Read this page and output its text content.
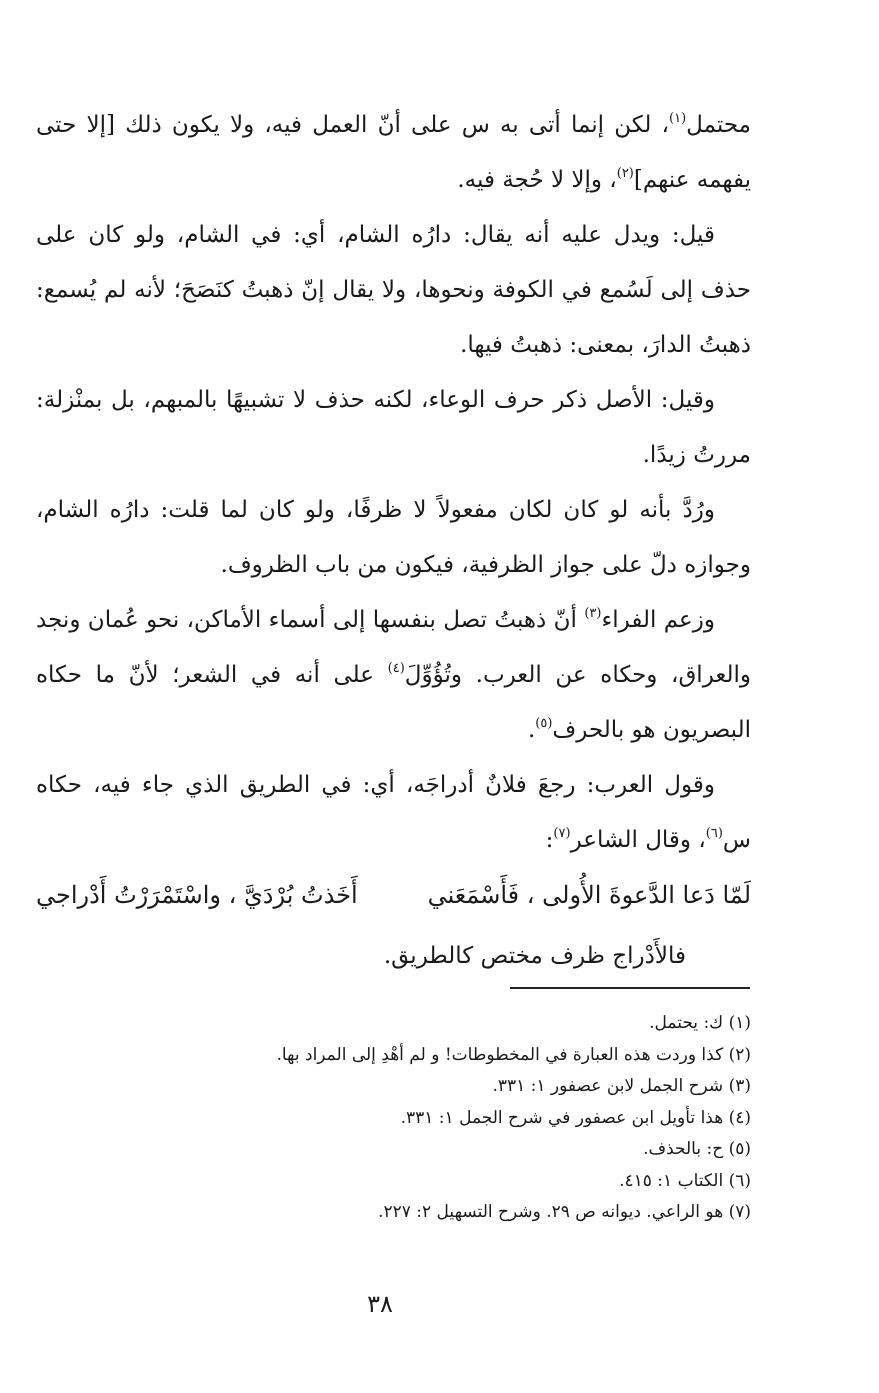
محتمل$^{(١)}$، لكن إنما أتى به س على أنّ العمل فيه، ولا يكون ذلك [إلا حتى يفهمه عنهم]$^{(٢)}$، وإلا لا حُجة فيه.

قيل: ويدل عليه أنه يقال: دارُه الشام، أي: في الشام، ولو كان على حذف إلى لَسُمع في الكوفة ونحوها، ولا يقال إنّ ذهبتُ كنَصَحَ؛ لأنه لم يُسمع: ذهبتُ الدارَ، بمعنى: ذهبتُ فيها.

وقيل: الأصل ذكر حرف الوعاء، لكنه حذف لا تشبيهًا بالمبهم، بل بمنْزلة: مررتُ زيدًا.

ورُدَّ بأنه لو كان لكان مفعولاً لا ظرفًا، ولو كان لما قلت: دارُه الشام، وجوازه دلّ على جواز الظرفية، فيكون من باب الظروف.

وزعم الفراء$^{(٣)}$ أنّ ذهبتُ تصل بنفسها إلى أسماء الأماكن، نحو عُمان ونجد والعراق، وحكاه عن العرب. وتُؤُوِّلَ$^{(٤)}$ على أنه في الشعر؛ لأنّ ما حكاه البصريون هو بالحرف$^{(٥)}$.

وقول العرب: رجعَ فلانٌ أدراجَه، أي: في الطريق الذي جاء فيه، حكاه س$^{(٦)}$، وقال الشاعر$^{(٧)}$:

لَمّا دَعا الدَّعوةَ الأُولى ، فَأَسْمَعَني
أَخَذتُ بُرْدَيَّ ، واسْتَمْرَرْتُ أَدْراجي

فالأَدْراج ظرف مختص كالطريق.

(١) ك: يحتمل.
(٢) كذا وردت هذه العبارة في المخطوطات! و لم أهْدِ إلى المراد بها.
(٣) شرح الجمل لابن عصفور ١: ٣٣١.
(٤) هذا تأويل ابن عصفور في شرح الجمل ١: ٣٣١.
(٥) ح: بالحذف.
(٦) الكتاب ١: ٤١٥.
(٧) هو الراعي. ديوانه ص ٢٩. وشرح التسهيل ٢: ٢٢٧.
٣٨
